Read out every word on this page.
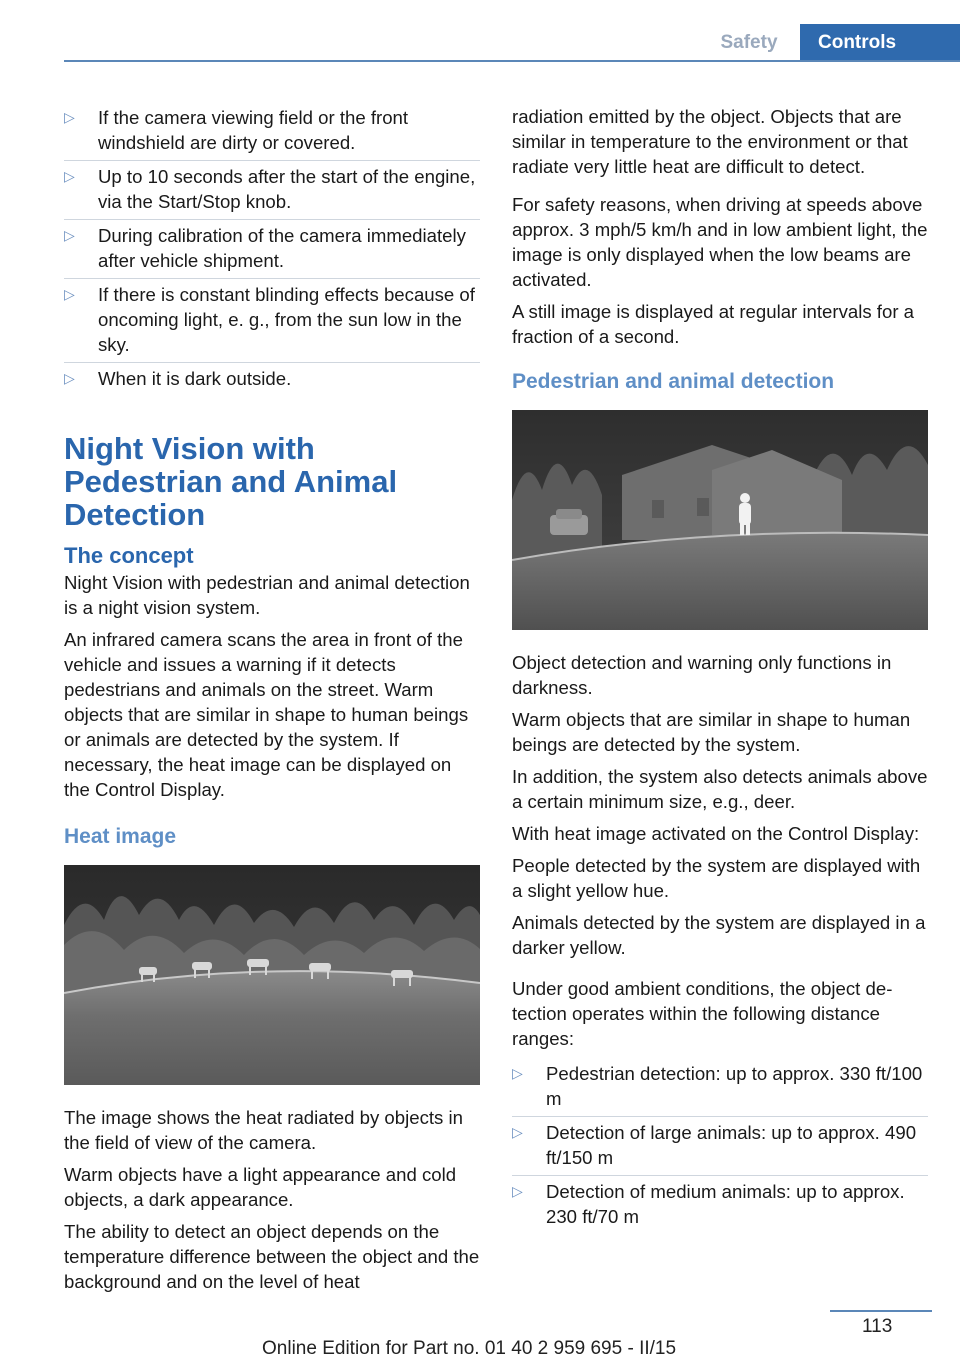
Safety	Controls
▷
If the camera viewing field or the front windshield are dirty or covered.
▷
Up to 10 seconds after the start of the engine, via the Start/Stop knob.
▷
During calibration of the camera immediately after vehicle shipment.
▷
If there is constant blinding effects because of oncoming light, e. g., from the sun low in the sky.
▷
When it is dark outside.
Night Vision with Pedestrian and Animal Detection
The concept

Night Vision with pedestrian and animal detection is a night vision system.

An infrared camera scans the area in front of the vehicle and issues a warning if it detects pedestrians and animals on the street. Warm objects that are similar in shape to human beings or animals are detected by the system. If necessary, the heat image can be displayed on the Control Display.

Heat image

The image shows the heat radiated by objects in the field of view of the camera.

Warm objects have a light appearance and cold objects, a dark appearance.

The ability to detect an object depends on the temperature difference between the object and the background and on the level of heat

radiation emitted by the object. Objects that are similar in temperature to the environment or that radiate very little heat are difficult to detect.

For safety reasons, when driving at speeds above approx. 3 mph/5 km/h and in low ambient light, the image is only displayed when the low beams are activated.

A still image is displayed at regular intervals for a fraction of a second.

Pedestrian and animal detection

Object detection and warning only functions in darkness.

Warm objects that are similar in shape to human beings are detected by the system.

In addition, the system also detects animals above a certain minimum size, e.g., deer.

With heat image activated on the Control Display:

People detected by the system are displayed with a slight yellow hue.

Animals detected by the system are displayed in a darker yellow.

Under good ambient conditions, the object detection operates within the following distance ranges:

▷
Pedestrian detection: up to approx. 330 ft/100 m
▷
Detection of large animals: up to approx. 490 ft/150 m
▷
Detection of medium animals: up to approx. 230 ft/70 m
113
Online Edition for Part no. 01 40 2 959 695 - II/15
